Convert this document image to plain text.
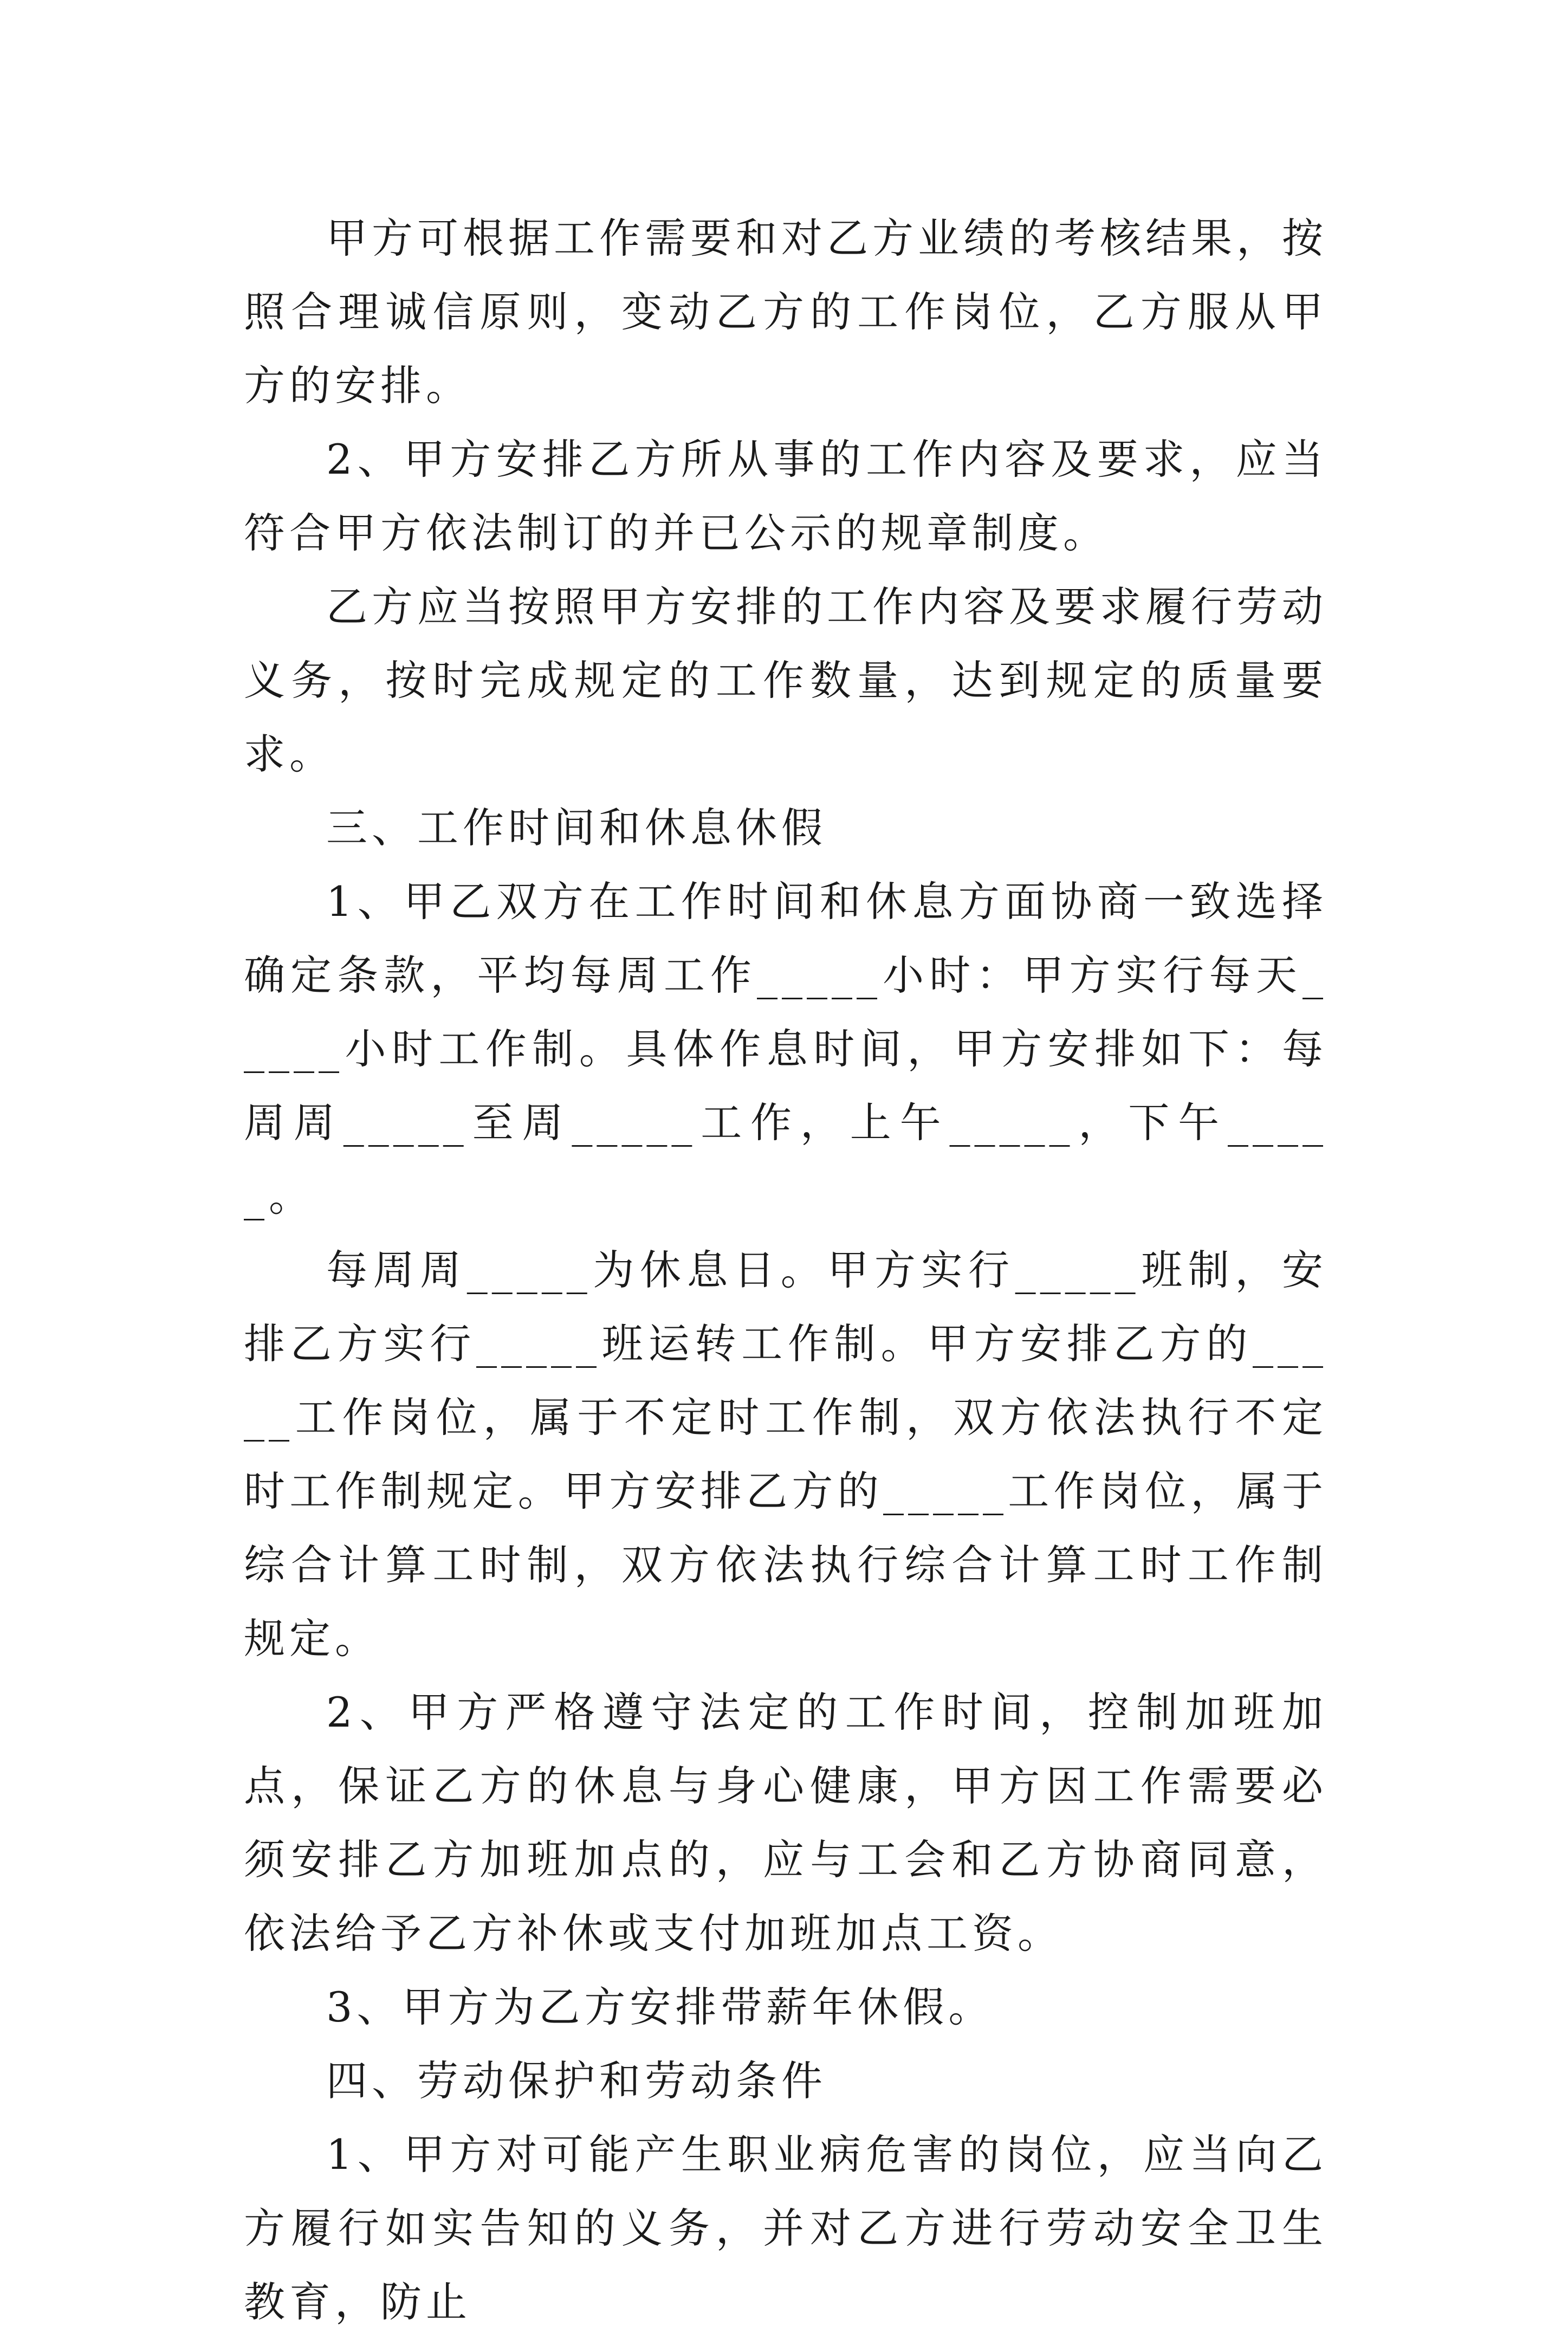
甲方可根据工作需要和对乙方业绩的考核结果，按照合理诚信原则，变动乙方的工作岗位，乙方服从甲方的安排。

2、甲方安排乙方所从事的工作内容及要求，应当符合甲方依法制订的并已公示的规章制度。

乙方应当按照甲方安排的工作内容及要求履行劳动义务，按时完成规定的工作数量，达到规定的质量要求。

三、工作时间和休息休假

1、甲乙双方在工作时间和休息方面协商一致选择确定条款，平均每周工作_____小时：甲方实行每天_____小时工作制。具体作息时间，甲方安排如下：每周周_____至周_____工作，上午_____，下午_____。

每周周_____为休息日。甲方实行_____班制，安排乙方实行_____班运转工作制。甲方安排乙方的_____工作岗位，属于不定时工作制，双方依法执行不定时工作制规定。甲方安排乙方的_____工作岗位，属于综合计算工时制，双方依法执行综合计算工时工作制规定。

2、甲方严格遵守法定的工作时间，控制加班加点，保证乙方的休息与身心健康，甲方因工作需要必须安排乙方加班加点的，应与工会和乙方协商同意，依法给予乙方补休或支付加班加点工资。

3、甲方为乙方安排带薪年休假。

四、劳动保护和劳动条件

1、甲方对可能产生职业病危害的岗位，应当向乙方履行如实告知的义务，并对乙方进行劳动安全卫生教育，防止
